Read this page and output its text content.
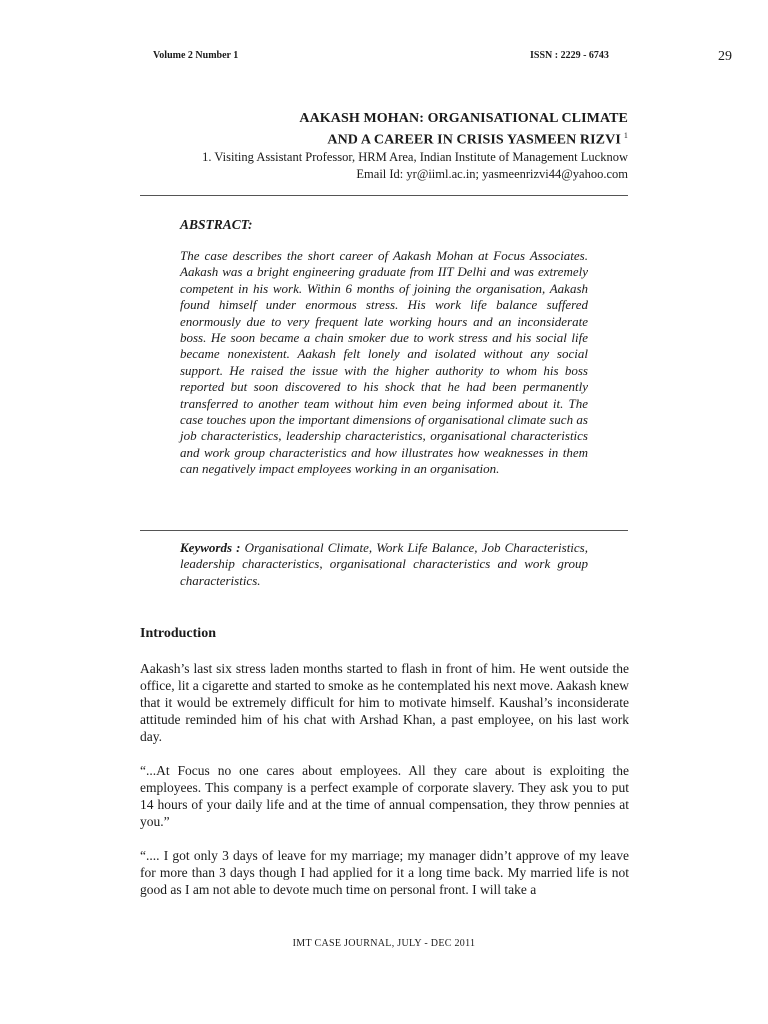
Volume 2 Number 1	ISSN : 2229 - 6743	29
AAKASH MOHAN: ORGANISATIONAL CLIMATE
AND A CAREER IN CRISIS YASMEEN RIZVI $^1$
1. Visiting Assistant Professor, HRM Area, Indian Institute of Management Lucknow
Email Id: yr@iiml.ac.in; yasmeenrizvi44@yahoo.com
ABSTRACT:
The case describes the short career of Aakash Mohan at Focus Associates. Aakash was a bright engineering graduate from IIT Delhi and was extremely competent in his work. Within 6 months of joining the organisation, Aakash found himself under enormous stress. His work life balance suffered enormously due to very frequent late working hours and an inconsiderate boss. He soon became a chain smoker due to work stress and his social life became nonexistent. Aakash felt lonely and isolated without any social support. He raised the issue with the higher authority to whom his boss reported but soon discovered to his shock that he had been permanently transferred to another team without him even being informed about it. The case touches upon the important dimensions of organisational climate such as job characteristics, leadership characteristics, organisational characteristics and work group characteristics and how illustrates how weaknesses in them can negatively impact employees working in an organisation.
Keywords : Organisational Climate, Work Life Balance, Job Characteristics, leadership characteristics, organisational characteristics and work group characteristics.
Introduction

Aakash’s last six stress laden months started to flash in front of him. He went outside the office, lit a cigarette and started to smoke as he contemplated his next move. Aakash knew that it would be extremely difficult for him to motivate himself. Kaushal’s inconsiderate attitude reminded him of his chat with Arshad Khan, a past employee, on his last work day.

“...At Focus no one cares about employees. All they care about is exploiting the employees. This company is a perfect example of corporate slavery. They ask you to put 14 hours of your daily life and at the time of annual compensation, they throw pennies at you.”

“.... I got only 3 days of leave for my marriage; my manager didn’t approve of my leave for more than 3 days though I had applied for it a long time back. My married life is not good as I am not able to devote much time on personal front. I will take a

IMT CASE JOURNAL, JULY - DEC 2011
